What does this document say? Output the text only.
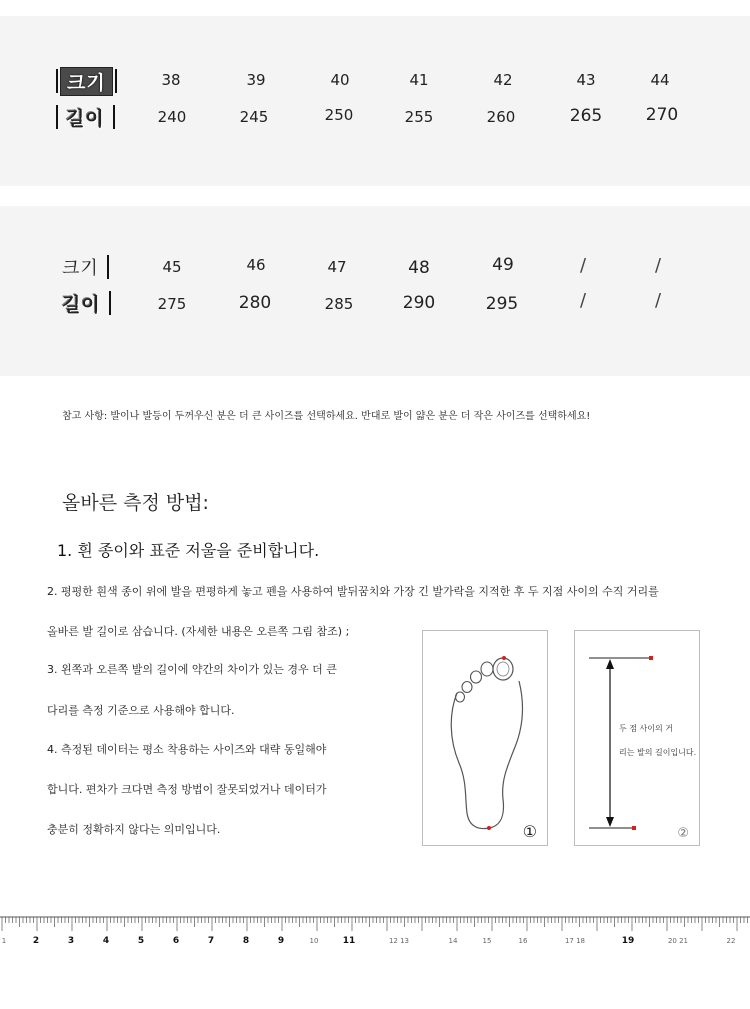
크기	38	39	40	41	42	43	44
길이	240	245	250	255	260	265	270
크기	45	46	47	48	49	/	/
길이	275	280	285	290	295	/	/
참고 사항: 발이나 발등이 두꺼우신 분은 더 큰 사이즈를 선택하세요. 반대로 발이 얇은 분은 더 작은 사이즈를 선택하세요!
올바른 측정 방법:
1. 흰 종이와 표준 저울을 준비합니다.
2. 평평한 흰색 종이 위에 발을 편평하게 놓고 펜을 사용하여 발뒤꿈치와 가장 긴 발가락을 지적한 후 두 지점 사이의 수직 거리를
올바른 발 길이로 삼습니다. (자세한 내용은 오른쪽 그림 참조) ;
3. 왼쪽과 오른쪽 발의 길이에 약간의 차이가 있는 경우 더 큰
다리를 측정 기준으로 사용해야 합니다.
4. 측정된 데이터는 평소 착용하는 사이즈와 대략 동일해야
합니다. 편차가 크다면 측정 방법이 잘못되었거나 데이터가
충분히 정확하지 않다는 의미입니다.	①
두 점 사이의 거
리는 발의 길이입니다.
②
1	2	3	4	5	6	7	8	9	10	11	12 13	14	15	16	17 18	19	20 21	22
